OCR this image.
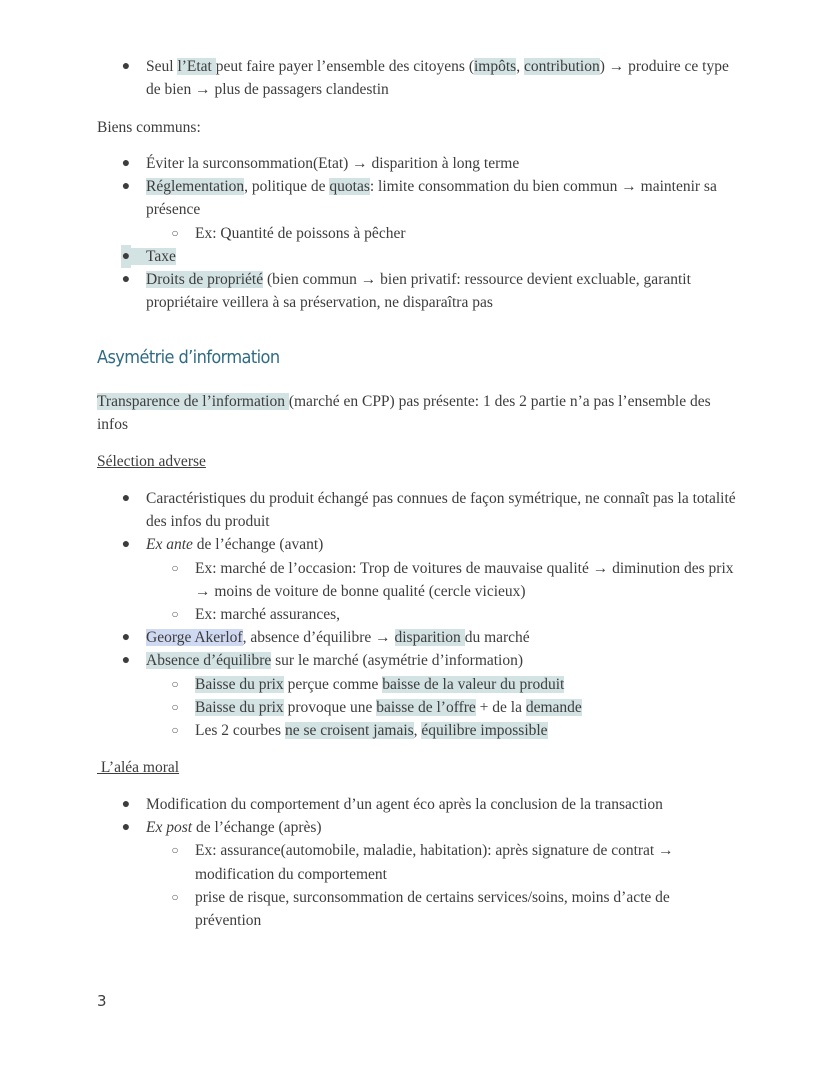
● Seul l’Etat peut faire payer l’ensemble des citoyens (impôts, contribution) → produire ce type de bien → plus de passagers clandestin

Biens communs:

● Éviter la surconsommation(Etat) → disparition à long terme
● Réglementation, politique de quotas: limite consommation du bien commun → maintenir sa présence
○ Ex: Quantité de poissons à pêcher
● Taxe
● Droits de propriété (bien commun → bien privatif: ressource devient excluable, garantit propriétaire veillera à sa préservation, ne disparaîtra pas
Asymétrie d’information

Transparence de l’information (marché en CPP) pas présente: 1 des 2 partie n’a pas l’ensemble des infos

Sélection adverse

● Caractéristiques du produit échangé pas connues de façon symétrique, ne connaît pas la totalité des infos du produit
● Ex ante de l’échange (avant)
○ Ex: marché de l’occasion: Trop de voitures de mauvaise qualité → diminution des prix → moins de voiture de bonne qualité (cercle vicieux)
○ Ex: marché assurances,
● George Akerlof, absence d’équilibre → disparition du marché
● Absence d’équilibre sur le marché (asymétrie d’information)
○ Baisse du prix perçue comme baisse de la valeur du produit
○ Baisse du prix provoque une baisse de l’offre + de la demande
○ Les 2 courbes ne se croisent jamais, équilibre impossible

L’aléa moral

● Modification du comportement d’un agent éco après la conclusion de la transaction
● Ex post de l’échange (après)
○ Ex: assurance(automobile, maladie, habitation): après signature de contrat → modification du comportement
○ prise de risque, surconsommation de certains services/soins, moins d’acte de prévention
3
